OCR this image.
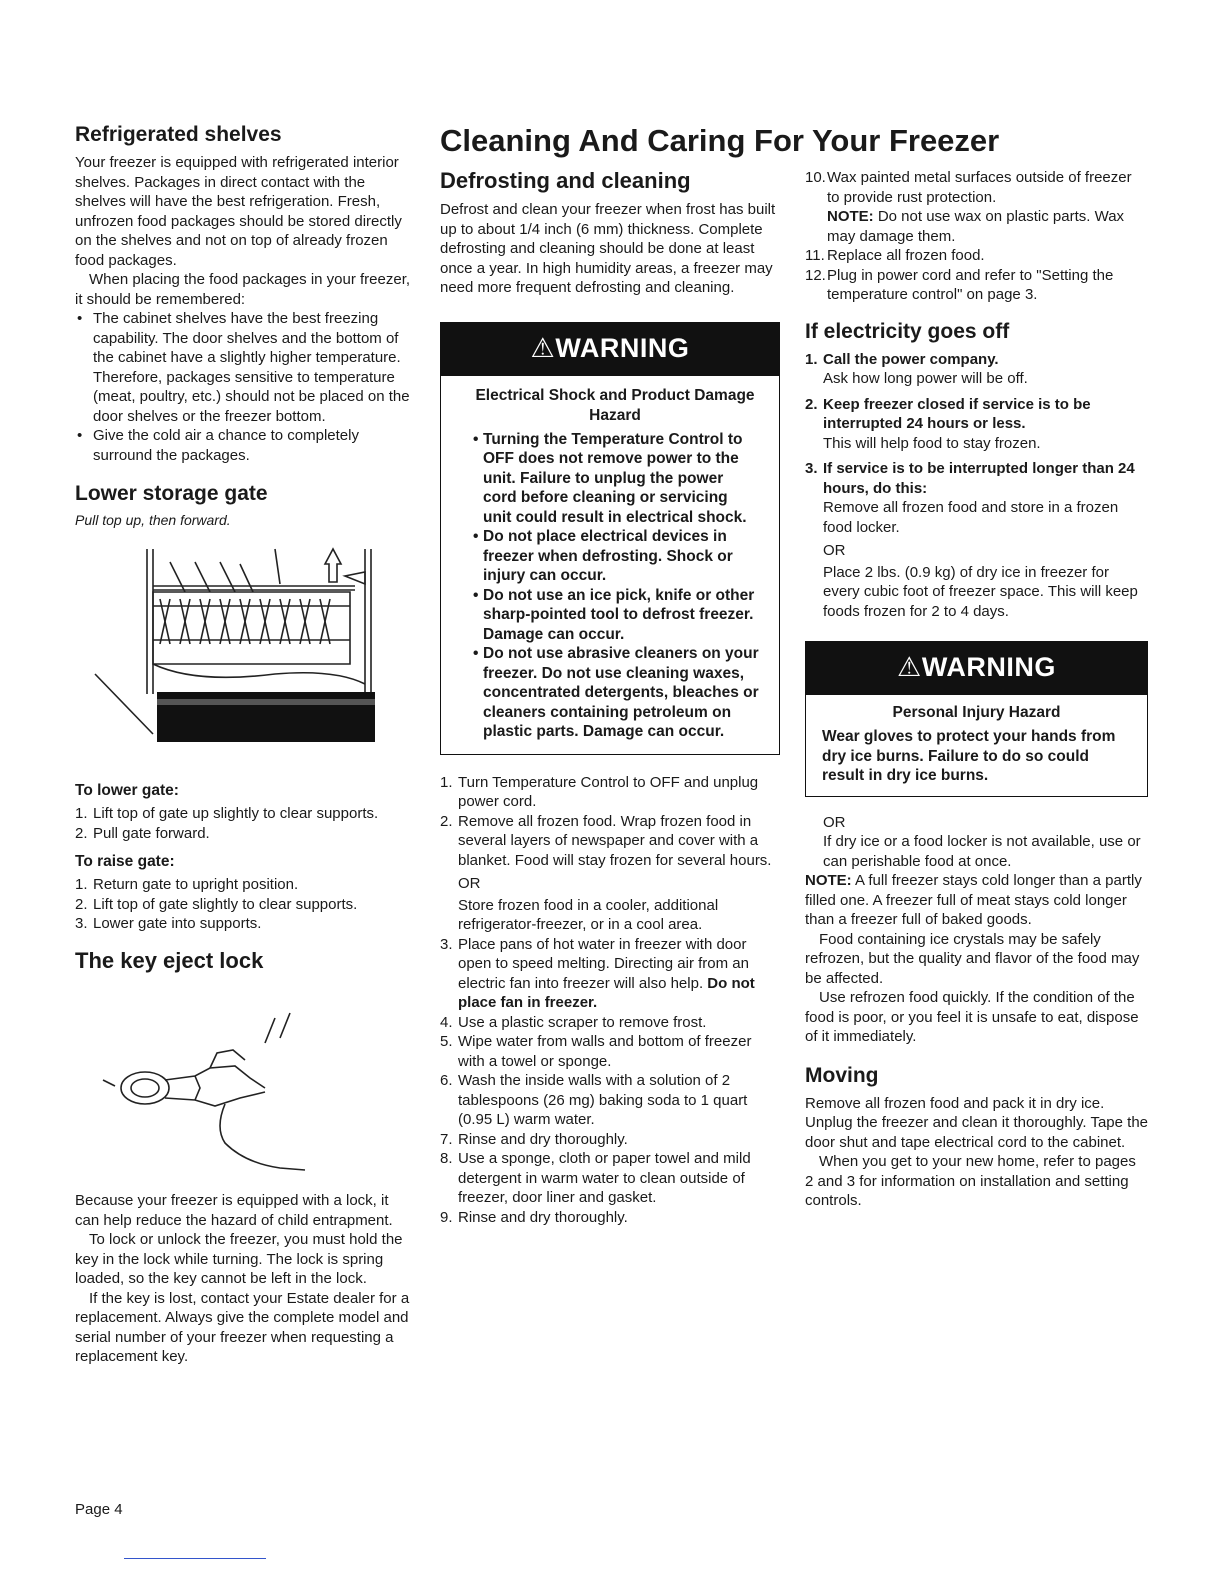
Cleaning And Caring For Your Freezer
Refrigerated shelves

Your freezer is equipped with refrigerated interior shelves. Packages in direct contact with the shelves will have the best refrigeration. Fresh, unfrozen food packages should be stored directly on the shelves and not on top of already frozen food packages.

When placing the food packages in your freezer, it should be remembered:

• The cabinet shelves have the best freezing capability. The door shelves and the bottom of the cabinet have a slightly higher temperature. Therefore, packages sensitive to temperature (meat, poultry, etc.) should not be placed on the door shelves or the freezer bottom.
• Give the cold air a chance to completely surround the packages.
Lower storage gate

Pull top up, then forward.

To lower gate:
1. Lift top of gate up slightly to clear supports.
2. Pull gate forward.
To raise gate:
1. Return gate to upright position.
2. Lift top of gate slightly to clear supports.
3. Lower gate into supports.
The key eject lock

Because your freezer is equipped with a lock, it can help reduce the hazard of child entrapment.

To lock or unlock the freezer, you must hold the key in the lock while turning. The lock is spring loaded, so the key cannot be left in the lock.

If the key is lost, contact your Estate dealer for a replacement. Always give the complete model and serial number of your freezer when requesting a replacement key.

Defrosting and cleaning

Defrost and clean your freezer when frost has built up to about 1/4 inch (6 mm) thickness. Complete defrosting and cleaning should be done at least once a year. In high humidity areas, a freezer may need more frequent defrosting and cleaning.

⚠WARNING
Electrical Shock and Product Damage Hazard
• Turning the Temperature Control to OFF does not remove power to the unit. Failure to unplug the power cord before cleaning or servicing unit could result in electrical shock.
• Do not place electrical devices in freezer when defrosting. Shock or injury can occur.
• Do not use an ice pick, knife or other sharp-pointed tool to defrost freezer. Damage can occur.
• Do not use abrasive cleaners on your freezer. Do not use cleaning waxes, concentrated detergents, bleaches or cleaners containing petroleum on plastic parts. Damage can occur.
1. Turn Temperature Control to OFF and unplug power cord.
2. Remove all frozen food. Wrap frozen food in several layers of newspaper and cover with a blanket. Food will stay frozen for several hours.
OR
Store frozen food in a cooler, additional refrigerator-freezer, or in a cool area.
3. Place pans of hot water in freezer with door open to speed melting. Directing air from an electric fan into freezer will also help. Do not place fan in freezer.
4. Use a plastic scraper to remove frost.
5. Wipe water from walls and bottom of freezer with a towel or sponge.
6. Wash the inside walls with a solution of 2 tablespoons (26 mg) baking soda to 1 quart (0.95 L) warm water.
7. Rinse and dry thoroughly.
8. Use a sponge, cloth or paper towel and mild detergent in warm water to clean outside of freezer, door liner and gasket.
9. Rinse and dry thoroughly.
10. Wax painted metal surfaces outside of freezer to provide rust protection.
NOTE: Do not use wax on plastic parts. Wax may damage them.
11. Replace all frozen food.
12. Plug in power cord and refer to "Setting the temperature control" on page 3.
If electricity goes off
1. Call the power company.
Ask how long power will be off.
2. Keep freezer closed if service is to be interrupted 24 hours or less.
This will help food to stay frozen.
3. If service is to be interrupted longer than 24 hours, do this:
Remove all frozen food and store in a frozen food locker.
OR
Place 2 lbs. (0.9 kg) of dry ice in freezer for every cubic foot of freezer space. This will keep foods frozen for 2 to 4 days.
⚠WARNING
Personal Injury Hazard

Wear gloves to protect your hands from dry ice burns. Failure to do so could result in dry ice burns.

OR

If dry ice or a food locker is not available, use or can perishable food at once.

NOTE: A full freezer stays cold longer than a partly filled one. A freezer full of meat stays cold longer than a freezer full of baked goods.

Food containing ice crystals may be safely refrozen, but the quality and flavor of the food may be affected.

Use refrozen food quickly. If the condition of the food is poor, or you feel it is unsafe to eat, dispose of it immediately.

Moving

Remove all frozen food and pack it in dry ice. Unplug the freezer and clean it thoroughly. Tape the door shut and tape electrical cord to the cabinet.

When you get to your new home, refer to pages 2 and 3 for information on installation and setting controls.

Page 4
